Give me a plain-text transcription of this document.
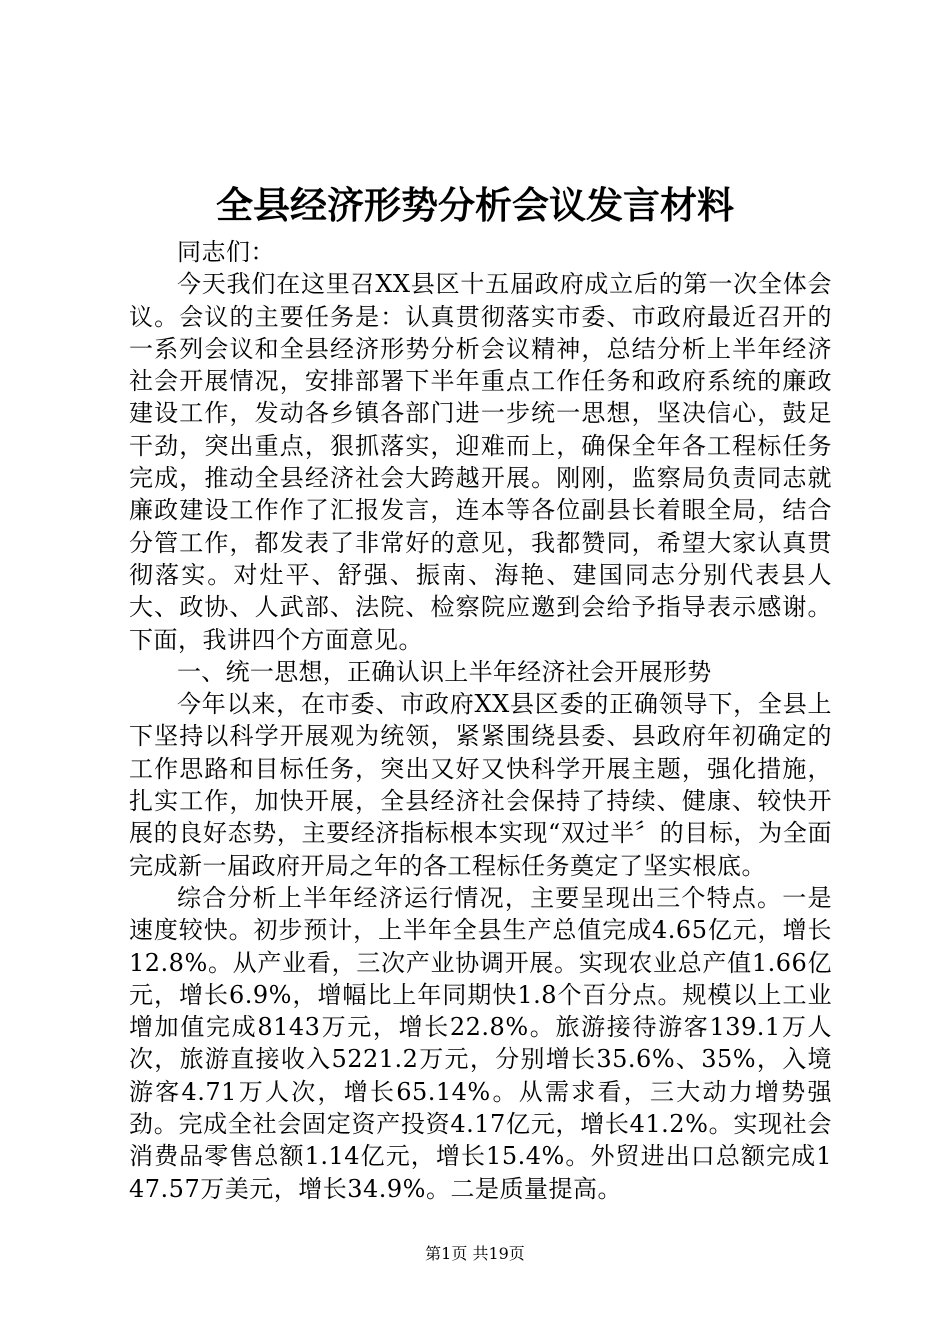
全县经济形势分析会议发言材料

同志们：

今天我们在这里召XX县区十五届政府成立后的第一次全体会议。会议的主要任务是：认真贯彻落实市委、市政府最近召开的一系列会议和全县经济形势分析会议精神，总结分析上半年经济社会开展情况，安排部署下半年重点工作任务和政府系统的廉政建设工作，发动各乡镇各部门进一步统一思想，坚决信心，鼓足干劲，突出重点，狠抓落实，迎难而上，确保全年各工程标任务完成，推动全县经济社会大跨越开展。刚刚，监察局负责同志就廉政建设工作作了汇报发言，连本等各位副县长着眼全局，结合分管工作，都发表了非常好的意见，我都赞同，希望大家认真贯彻落实。对灶平、舒强、振南、海艳、建国同志分别代表县人大、政协、人武部、法院、检察院应邀到会给予指导表示感谢。下面，我讲四个方面意见。

一、统一思想，正确认识上半年经济社会开展形势

今年以来，在市委、市政府XX县区委的正确领导下，全县上下坚持以科学开展观为统领，紧紧围绕县委、县政府年初确定的工作思路和目标任务，突出又好又快科学开展主题，强化措施，扎实工作，加快开展，全县经济社会保持了持续、健康、较快开展的良好态势，主要经济指标根本实现“双过半〞的目标，为全面完成新一届政府开局之年的各工程标任务奠定了坚实根底。

综合分析上半年经济运行情况，主要呈现出三个特点。一是速度较快。初步预计，上半年全县生产总值完成4.65亿元，增长12.8%。从产业看，三次产业协调开展。实现农业总产值1.66亿元，增长6.9%，增幅比上年同期快1.8个百分点。规模以上工业增加值完成8143万元，增长22.8%。旅游接待游客139.1万人次，旅游直接收入5221.2万元，分别增长35.6%、35%，入境游客4.71万人次，增长65.14%。从需求看，三大动力增势强劲。完成全社会固定资产投资4.17亿元，增长41.2%。实现社会消费品零售总额1.14亿元，增长15.4%。外贸进出口总额完成147.57万美元，增长34.9%。二是质量提高。

第1页 共19页
